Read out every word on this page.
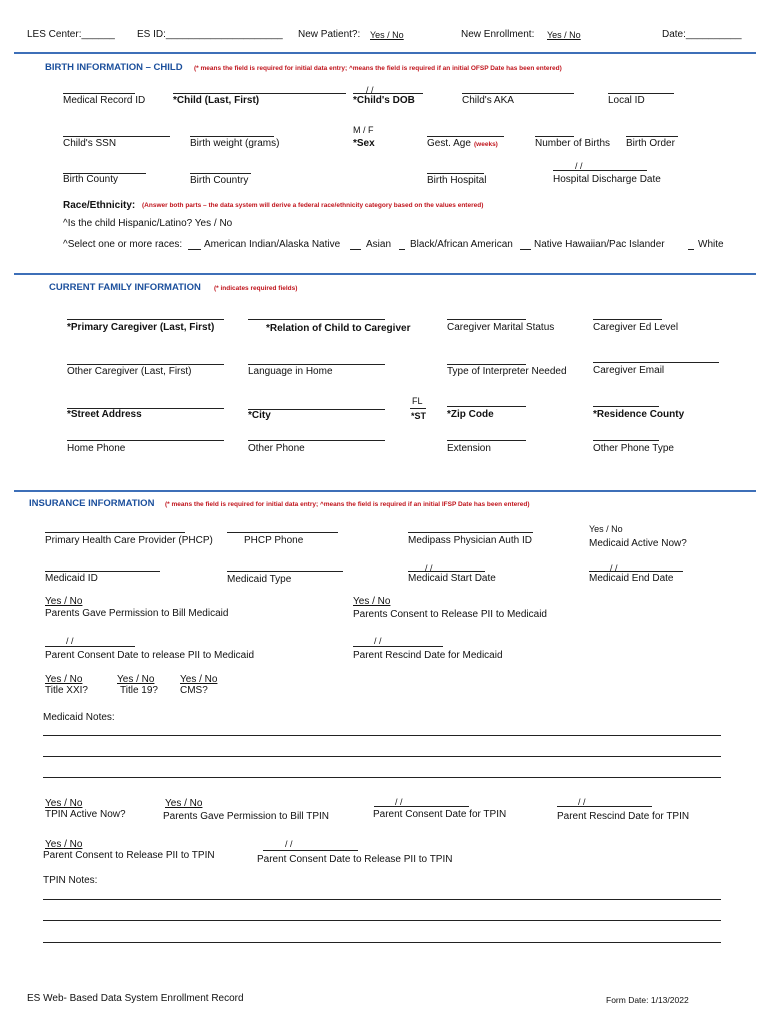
LES Center:______ ES ID:_____________________ New Patient?: Yes / No	New Enrollment: Yes / No	Date:__________
BIRTH INFORMATION – CHILD (* means the field is required for initial data entry; ^means the field is required if an initial OFSP Date has been entered)
/ /
Medical Record ID	*Child (Last, First)	*Child's DOB	Child's AKA	Local ID
M / F
Child's SSN	Birth weight (grams)	*Sex	Gest. Age (weeks)	Number of Births Birth Order
/ /
Birth County	Birth Country	Birth Hospital	Hospital Discharge Date
Race/Ethnicity: (Answer both parts – the data system will derive a federal race/ethnicity category based on the values entered)
^Is the child Hispanic/Latino? Yes / No
^Select one or more races: American Indian/Alaska Native	Asian Black/African American Native Hawaiian/Pac Islander	White
CURRENT FAMILY INFORMATION (* indicates required fields)
*Primary Caregiver (Last, First)	*Relation of Child to Caregiver	Caregiver Marital Status	Caregiver Ed Level
Other Caregiver (Last, First)	Language in Home	Type of Interpreter Needed	Caregiver Email
FL
*Street Address	*City	*ST *Zip Code	*Residence County
Home Phone	Other Phone	Extension	Other Phone Type
INSURANCE INFORMATION (* means the field is required for initial data entry; ^means the field is required if an initial IFSP Date has been entered)
Yes / No
Primary Health Care Provider (PHCP)	PHCP Phone	Medipass Physician Auth ID	Medicaid Active Now?
/ /	/ /
Medicaid ID	Medicaid Type	Medicaid Start Date	Medicaid End Date
Yes / No
Parents Gave Permission to Bill Medicaid
Yes / No
Parents Consent to Release PII to Medicaid
/ /	/ /
Parent Consent Date to release PII to Medicaid	Parent Rescind Date for Medicaid
Yes / No
Title XXI?
Yes / No
Title 19?
Yes / No
CMS?
Medicaid Notes:
Yes / No
TPIN Active Now?
Yes / No
Parents Gave Permission to Bill TPIN
/ /
Parent Consent Date for TPIN
/ /
Parent Rescind Date for TPIN
Yes / No
Parent Consent to Release PII to TPIN
/ /
Parent Consent Date to Release PII to TPIN
TPIN Notes:
ES Web- Based Data System Enrollment Record	Form Date: 1/13/2022
